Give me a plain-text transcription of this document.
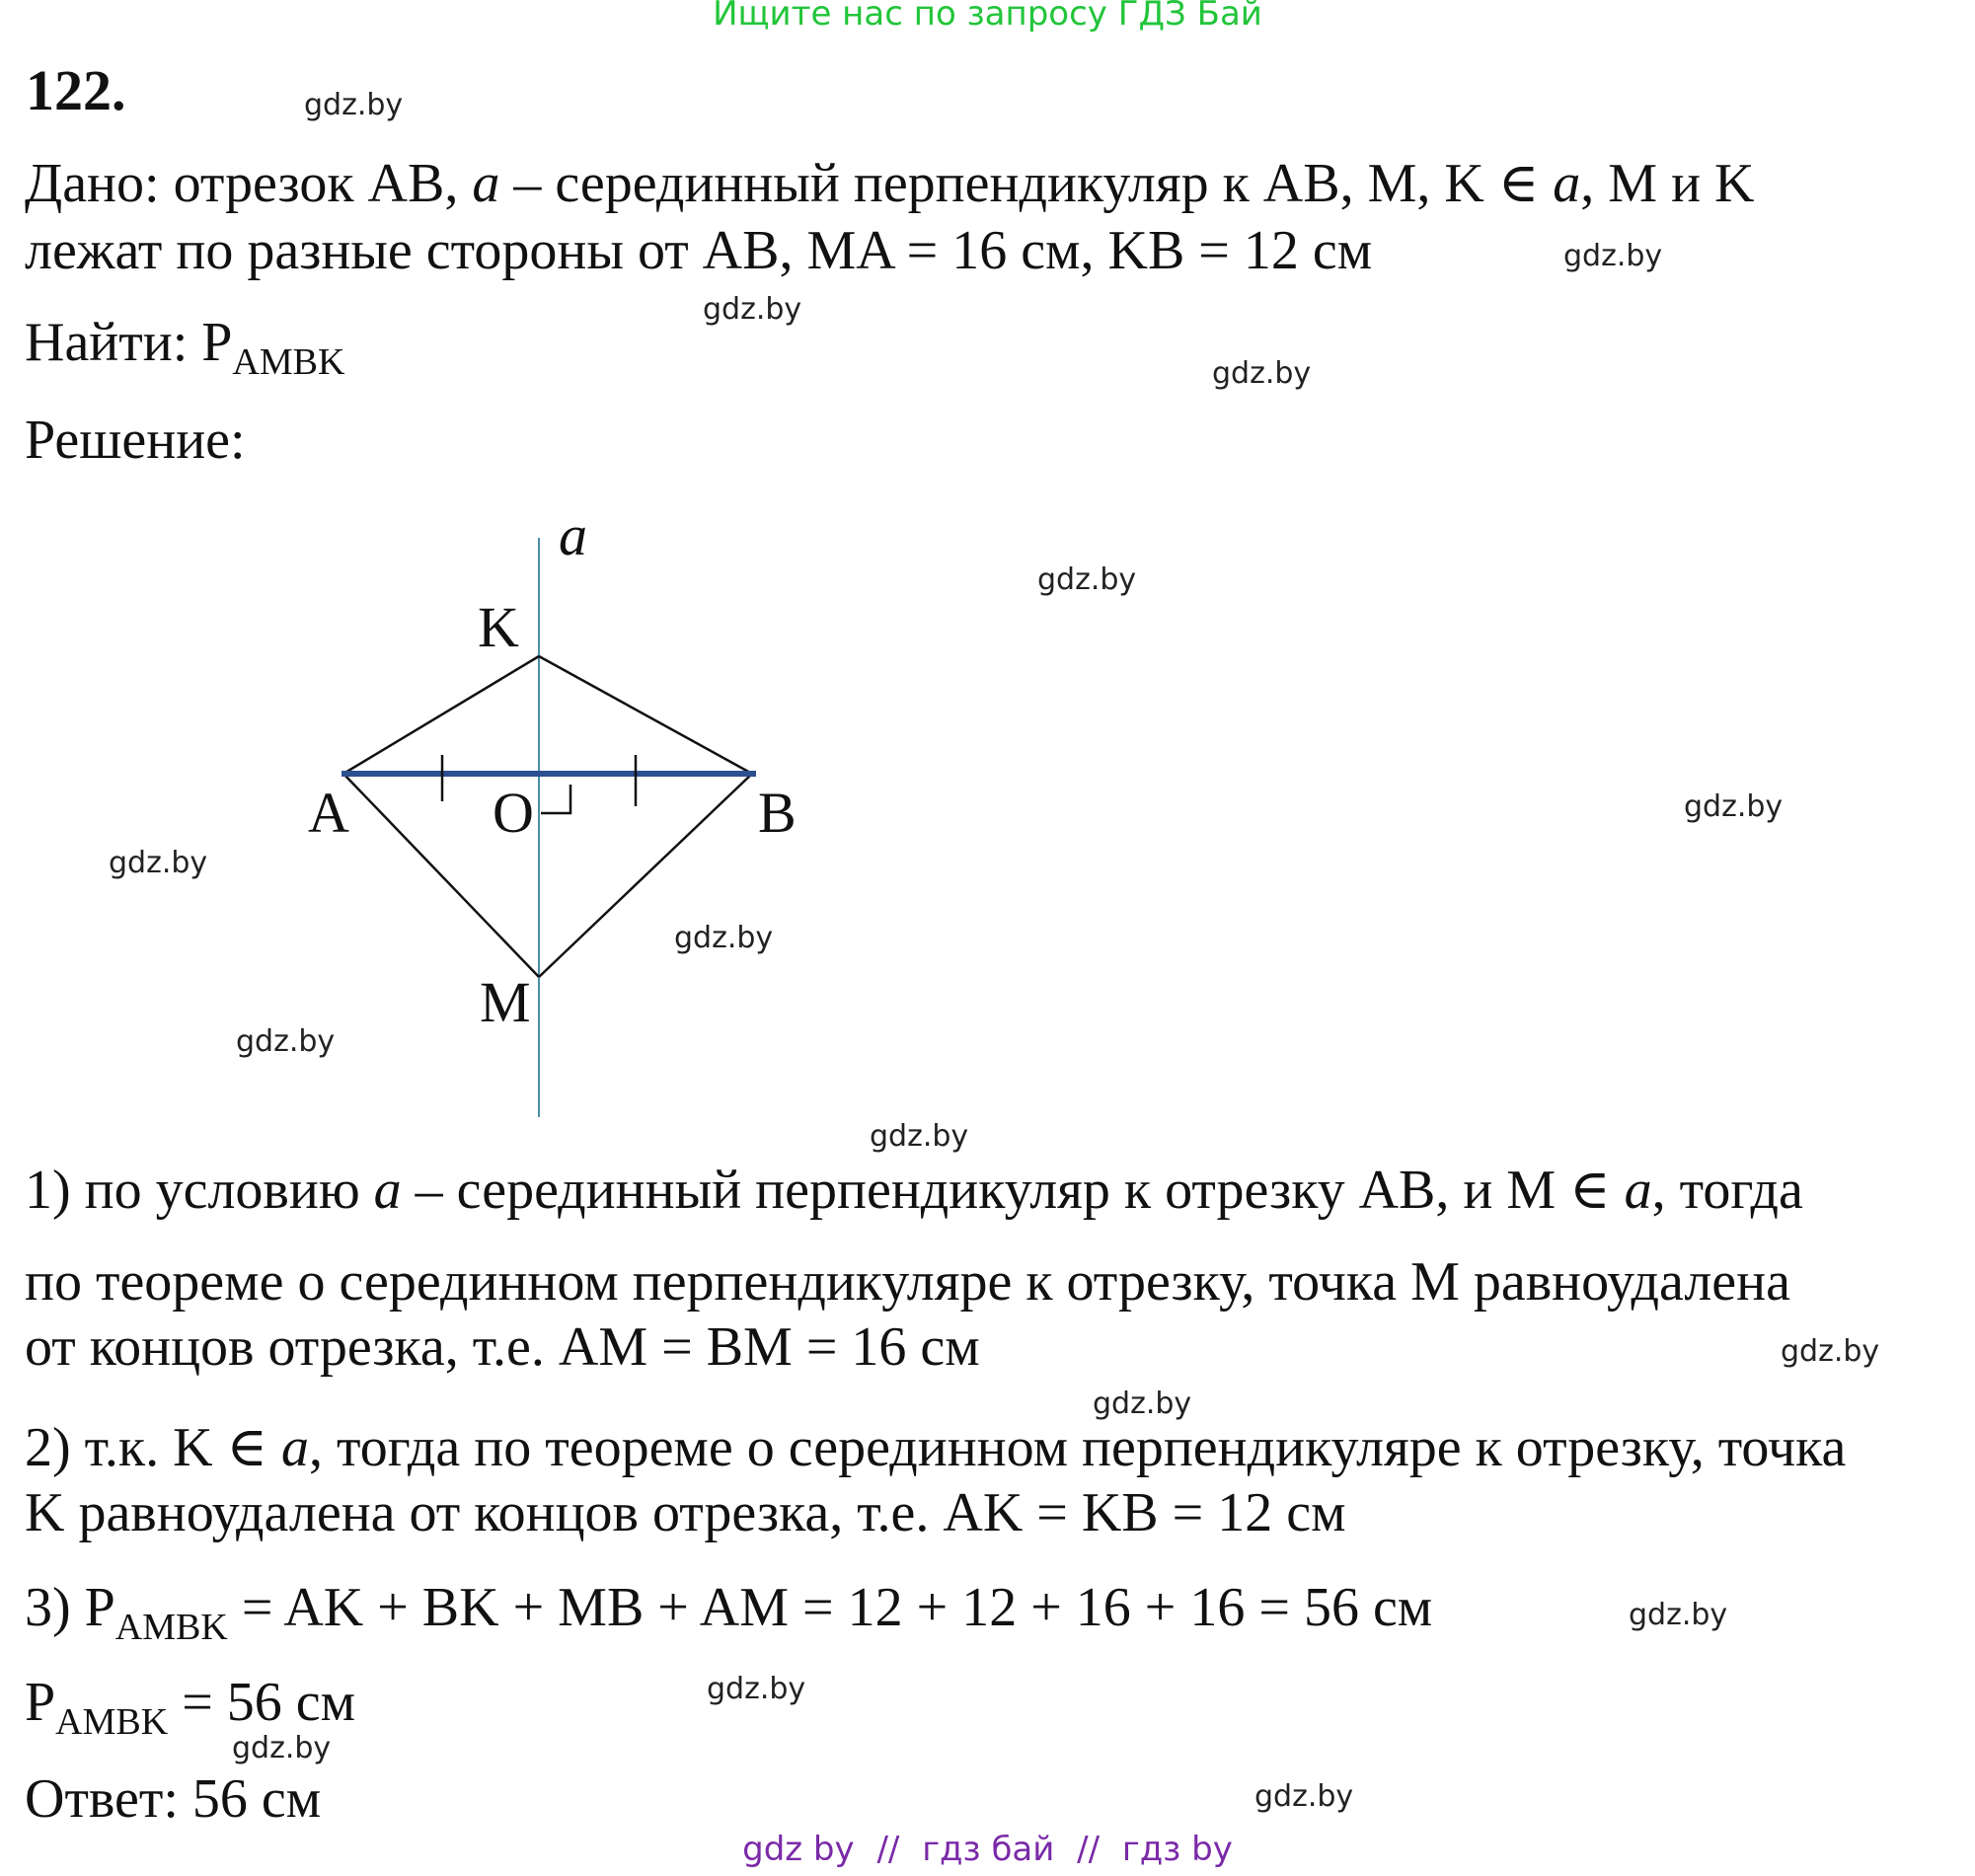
Ищите нас по запросу ГДЗ Бай
122.
Дано: отрезок AB, a – серединный перпендикуляр к AB, M, K ∈ a, M и K
лежат по разные стороны от AB, MA = 16 см, KB = 12 см
Найти: $P_{AMBK}$
Решение:
a
K
A	O	B
M
1) по условию a – серединный перпендикуляр к отрезку AB, и M ∈ a, тогда
по теореме о серединном перпендикуляре к отрезку, точка M равноудалена
от концов отрезка, т.е. AM = BM = 16 см
2) т.к. K ∈ a, тогда по теореме о серединном перпендикуляре к отрезку, точка
K равноудалена от концов отрезка, т.е. AK = KB = 12 см
3) $P_{AMBK}$ = AK + BK + MB + AM = 12 + 12 + 16 + 16 = 56 см
$P_{AMBK} = 56$ см
Ответ: 56 см
gdz.by
gdz.by
gdz.by
gdz.by
gdz.by
gdz.by
gdz.by
gdz.by
gdz.by
gdz.by
gdz.by
gdz.by
gdz.by
gdz.by
gdz.by
gdz.by
gdz by // гдз бай // гдз by
